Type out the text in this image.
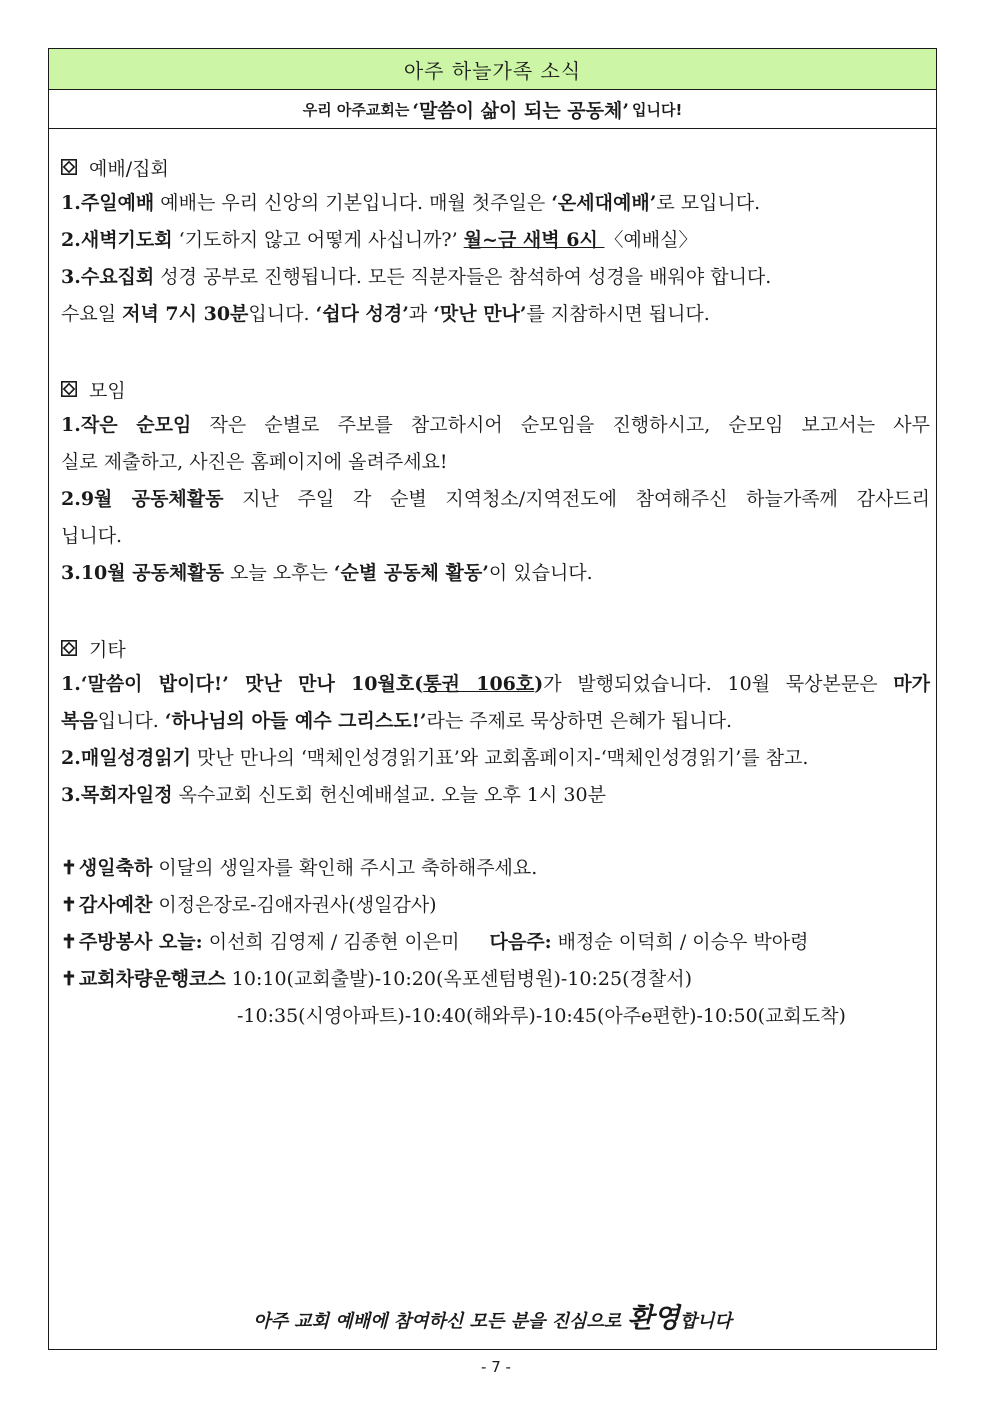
아주 하늘가족 소식
우리 아주교회는 ‘말씀이 삶이 되는 공동체’ 입니다!
예배/집회
1.주일예배 예배는 우리 신앙의 기본입니다. 매월 첫주일은 ‘온세대예배’로 모입니다.
2.새벽기도회 ‘기도하지 않고 어떻게 사십니까?’ 월~금 새벽 6시 〈예배실〉
3.수요집회 성경 공부로 진행됩니다. 모든 직분자들은 참석하여 성경을 배워야 합니다.
수요일 저녁 7시 30분입니다. ‘쉽다 성경’과 ‘맛난 만나’를 지참하시면 됩니다.
모임
1.작은 순모임 작은 순별로 주보를 참고하시어 순모임을 진행하시고, 순모임 보고서는 사무
실로 제출하고, 사진은 홈페이지에 올려주세요!
2.9월 공동체활동 지난 주일 각 순별 지역청소/지역전도에 참여해주신 하늘가족께 감사드리
닙니다.
3.10월 공동체활동 오늘 오후는 ‘순별 공동체 활동’이 있습니다.
기타
1.‘말씀이 밥이다!’ 맛난 만나 10월호(통권 106호)가 발행되었습니다. 10월 묵상본문은 마가
복음입니다. ‘하나님의 아들 예수 그리스도!’라는 주제로 묵상하면 은혜가 됩니다.
2.매일성경읽기 맛난 만나의 ‘맥체인성경읽기표’와 교회홈페이지-‘맥체인성경읽기’를 참고.
3.목회자일정 옥수교회 신도회 헌신예배설교. 오늘 오후 1시 30분
✝ 생일축하 이달의 생일자를 확인해 주시고 축하해주세요.
✝ 감사예찬 이정은장로-김애자권사(생일감사)
✝ 주방봉사 오늘: 이선희 김영제 / 김종현 이은미 다음주: 배정순 이덕희 / 이승우 박아령
✝ 교회차량운행코스 10:10(교회출발)-10:20(옥포센텀병원)-10:25(경찰서)
-10:35(시영아파트)-10:40(해와루)-10:45(아주e편한)-10:50(교회도착)
아주 교회 예배에 참여하신 모든 분을 진심으로 환영합니다
- 7 -
